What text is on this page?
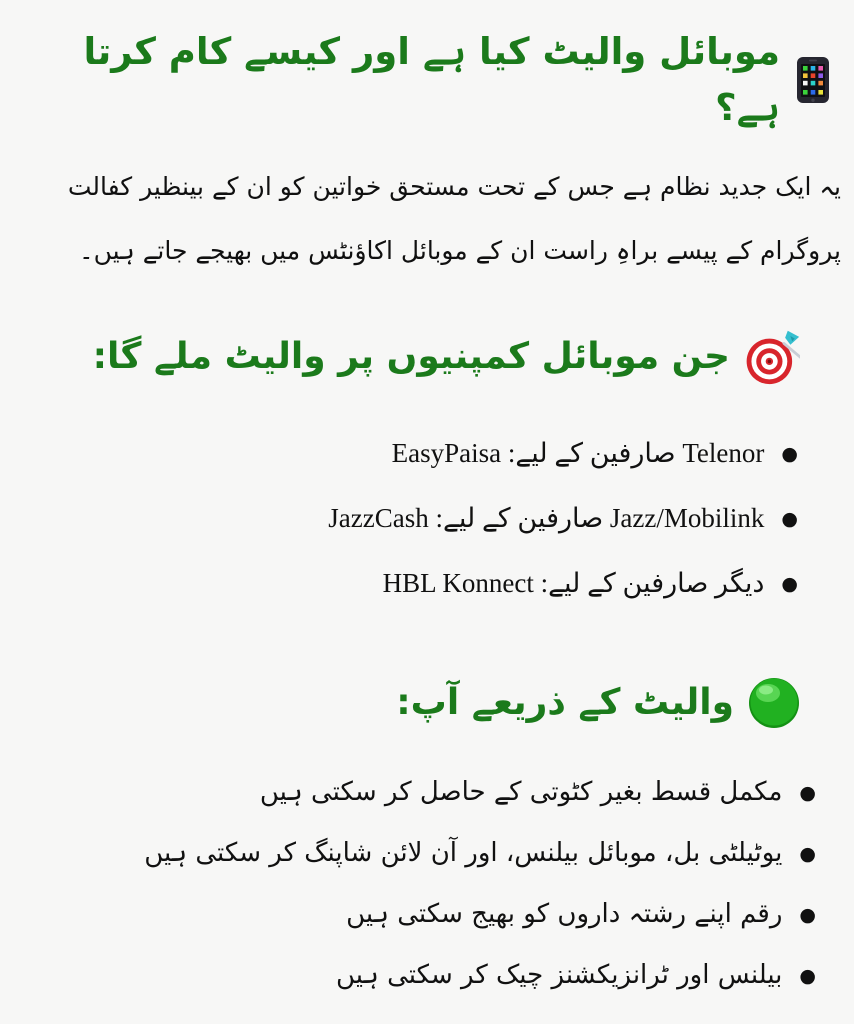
موبائل والیٹ کیا ہے اور کیسے کام کرتا ہے؟

یہ ایک جدید نظام ہے جس کے تحت مستحق خواتین کو ان کے بینظیر کفالت پروگرام کے پیسے براہِ راست ان کے موبائل اکاؤنٹس میں بھیجے جاتے ہیں۔

جن موبائل کمپنیوں پر والیٹ ملے گا:
●
Telenor صارفین کے لیے: EasyPaisa
●
Jazz/Mobilink صارفین کے لیے: JazzCash
●
دیگر صارفین کے لیے: HBL Konnect
والیٹ کے ذریعے آپ:
●
مکمل قسط بغیر کٹوتی کے حاصل کر سکتی ہیں
●
یوٹیلٹی بل، موبائل بیلنس، اور آن لائن شاپنگ کر سکتی ہیں
●
رقم اپنے رشتہ داروں کو بھیج سکتی ہیں
●
بیلنس اور ٹرانزیکشنز چیک کر سکتی ہیں
